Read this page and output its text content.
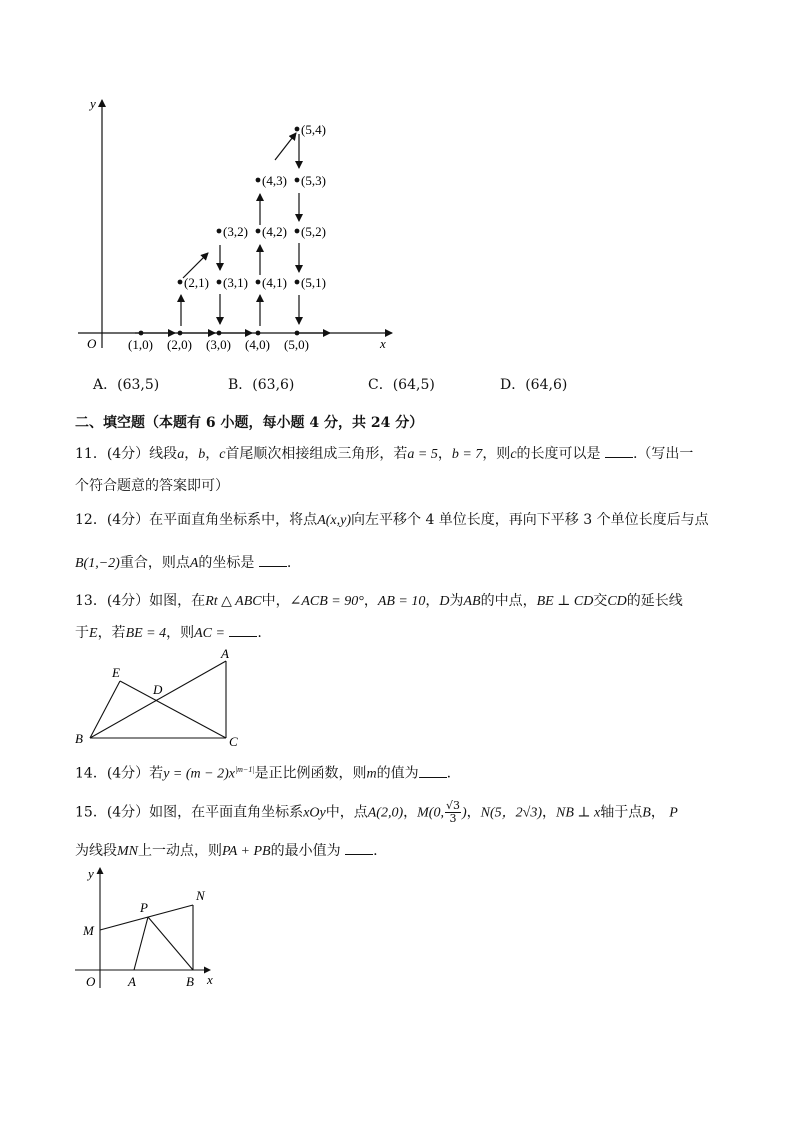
y
x
O (1,0) (2,0) (3,0) (4,0) (5,0)
(2,1) (3,1) (4,1) (5,1)
(3,2) (4,2) (5,2)
(4,3) (5,3)
(5,4)
A．(63,5)	B．(63,6)	C．(64,5)	D．(64,6)
二、填空题（本题有 6 小题，每小题 4 分，共 24 分）
11．(4分）线段a，b，c首尾顺次相接组成三角形，若a = 5，b = 7，则c的长度可以是 .（写出一
个符合题意的答案即可）
12．(4分）在平面直角坐标系中，将点A(x,y)向左平移个 4 单位长度，再向下平移 3 个单位长度后与点
B(1,−2)重合，则点A的坐标是 .
13．(4分）如图，在Rt △ ABC中，∠ACB = 90°，AB = 10，D为AB的中点，BE ⊥ CD交CD的延长线
于E，若BE = 4，则AC = .
A
B	C
D
E
14．(4分）若$y = (m - 2)x^{|m-1|}$是正比例函数，则m的值为 .
15．(4分）如图，在平面直角坐标系xOy中，点A(2,0)，M(0, $\frac{√3}{3}$ )，N(5，2√3)，NB ⊥ x轴于点B， P
为线段MN上一动点，则PA + PB的最小值为 .
y
x
O	A	B
M
N
P
